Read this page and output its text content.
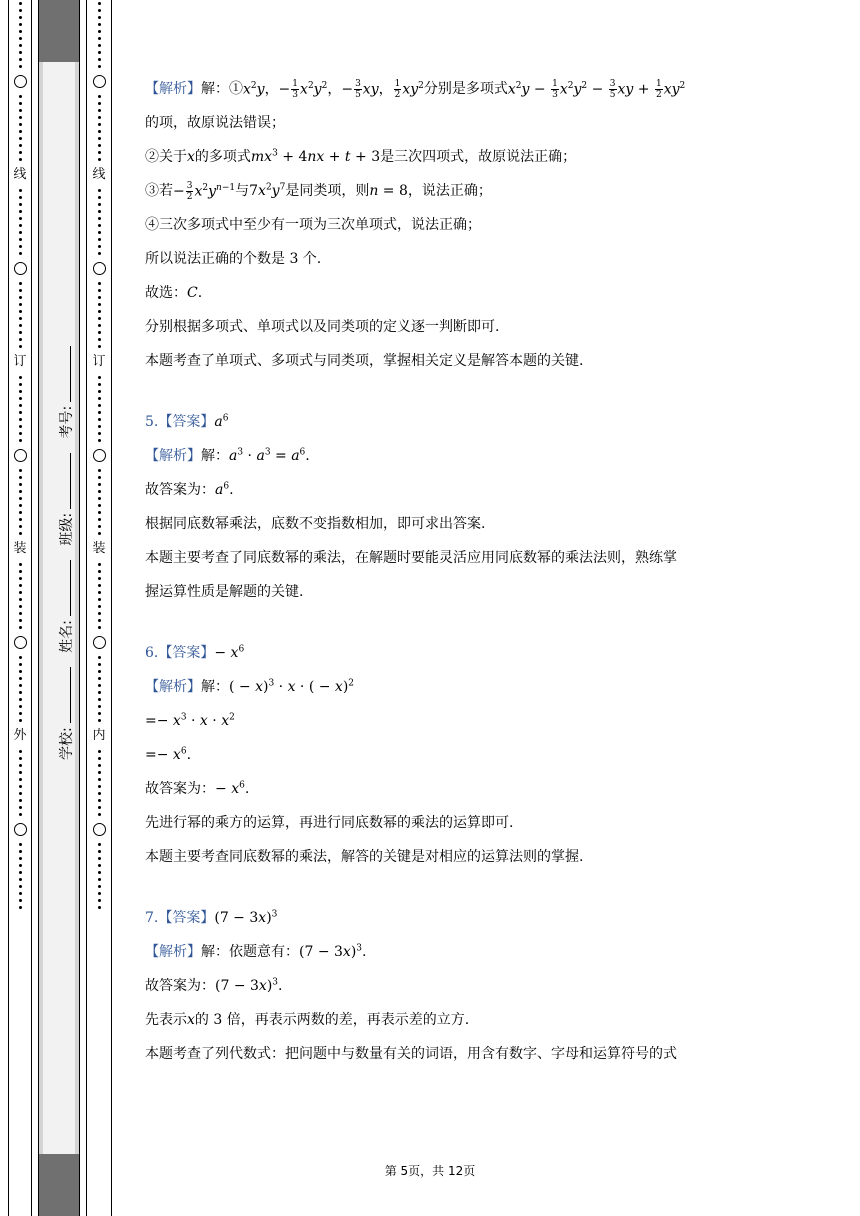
线
订
装
外 学校: 姓名: 班级: 考号:
线
订
装
内
【解析】 解：① $x^2y$，− $\frac{1}{3} x^2y^2$，− $\frac{3}{5}$ xy， $\frac{1}{2} xy^2$ 分别是多项式 $x^2y - \frac{1}{3} x^2y^2 - \frac{3}{5}$ xy + $\frac{1}{2} xy^2$
的项，故原说法错误；
②关于 x 的多项式 $mx^3 + 4nx + t + 3$ 是三次四项式，故原说法正确；
③若 − $\frac{3}{2} x^2y^{n-1}$ 与 $7x^2y^7$ 是同类项，则 n = 8 ，说法正确；
④三次多项式中至少有一项为三次单项式，说法正确；
所以说法正确的个数是 3 个.
故选： C .
分别根据多项式、单项式以及同类项的定义逐一判断即可.
本题考查了单项式、多项式与同类项，掌握相关定义是解答本题的关键.
5. 【答案】 $a^6$
【解析】 解： $a^3 \cdot a^3 = a^6$.
故答案为： $a^6$.
根据同底数幂乘法，底数不变指数相加，即可求出答案.
本题主要考查了同底数幂的乘法，在解题时要能灵活应用同底数幂的乘法法则，熟练掌
握运算性质是解题的关键.
6. 【答案】 − $x^6$
【解析】 解： ( − x)$^3$ · x · ( − x)$^2$
=− $x^3 \cdot x \cdot x^2$
=− $x^6$.
故答案为： − $x^6$.
先进行幂的乘方的运算，再进行同底数幂的乘法的运算即可.
本题主要考查同底数幂的乘法，解答的关键是对相应的运算法则的掌握.
7. 【答案】 $(7 - 3x)^3$
【解析】 解：依题意有： $(7 - 3x)^3$.
故答案为： $(7 - 3x)^3$.
先表示 x 的 3 倍，再表示两数的差，再表示差的立方.
本题考查了列代数式：把问题中与数量有关的词语，用含有数字、字母和运算符号的式
第 5页，共 12页
